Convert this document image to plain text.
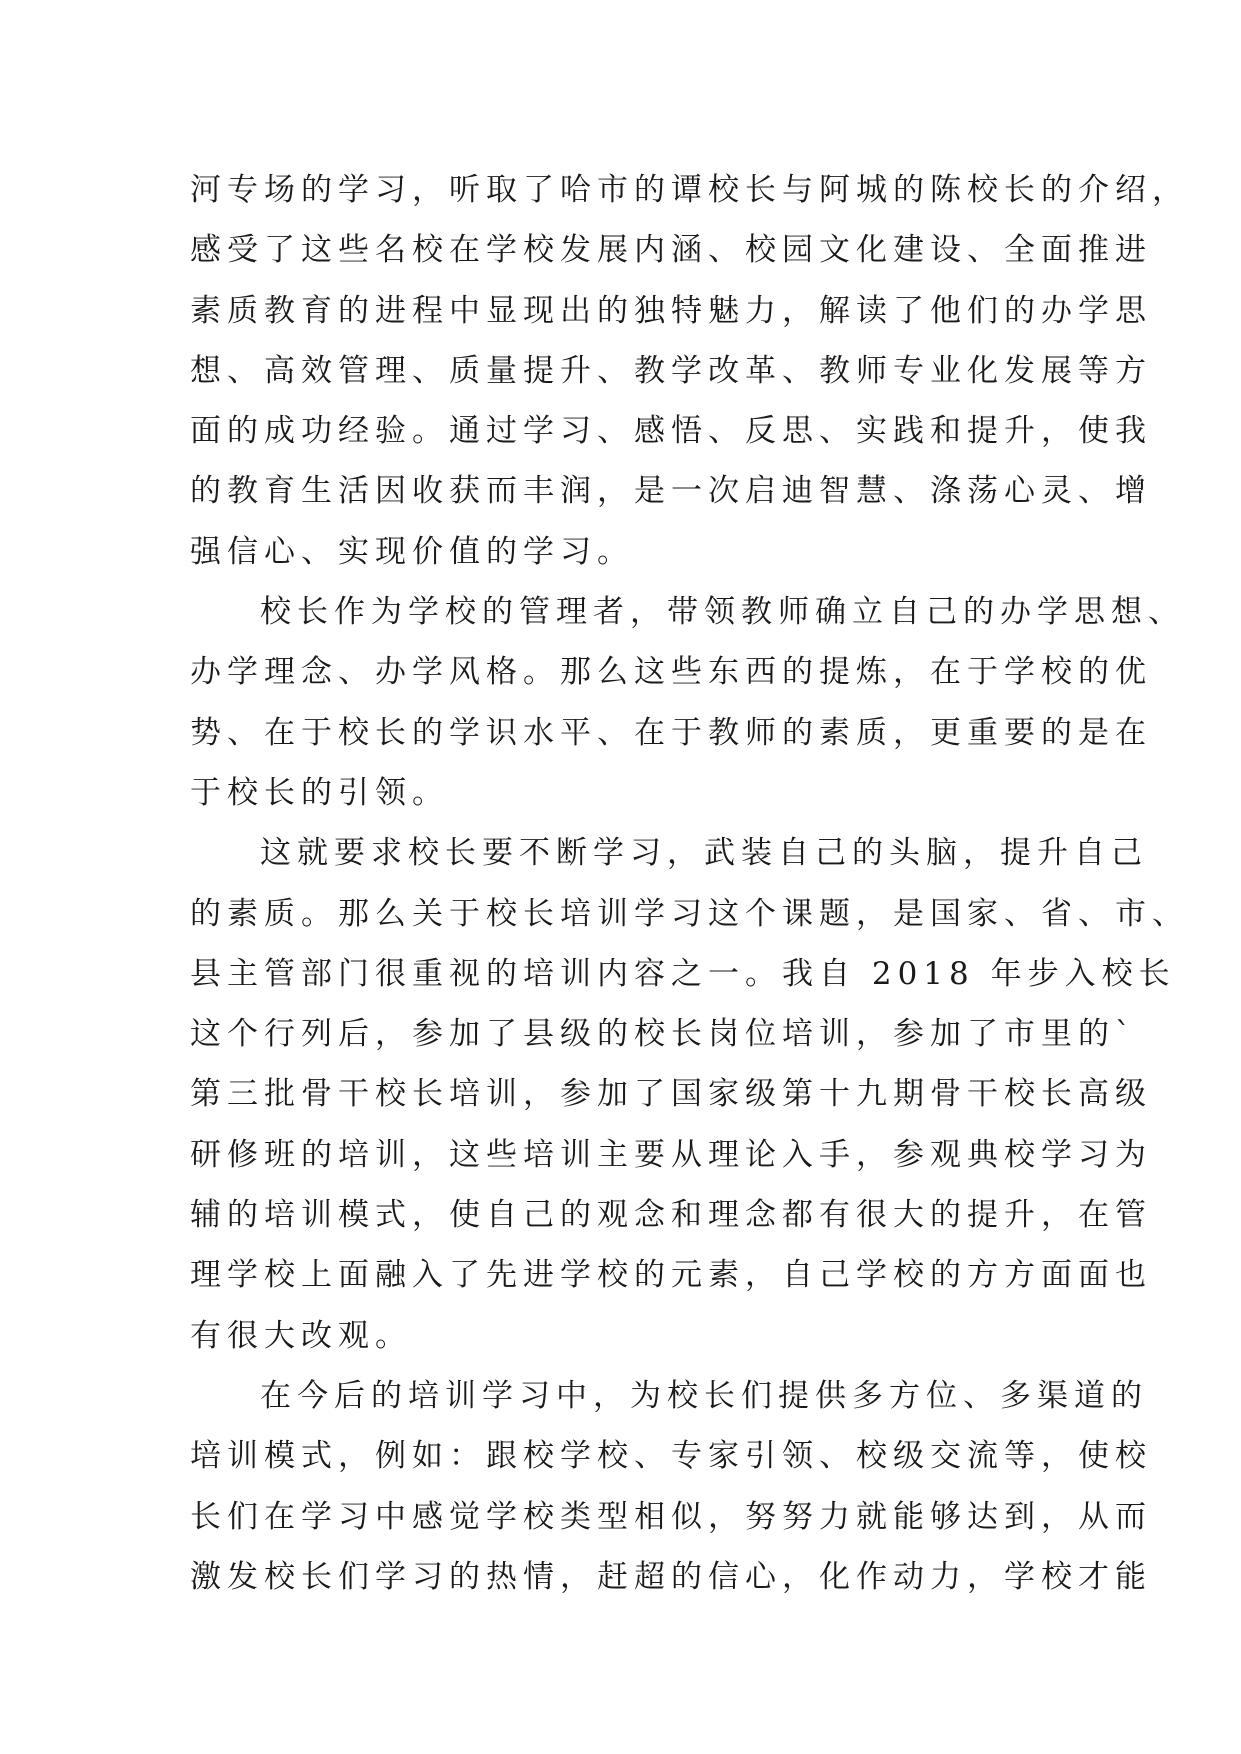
河专场的学习，听取了哈市的谭校长与阿城的陈校长的介绍，
感受了这些名校在学校发展内涵、校园文化建设、全面推进
素质教育的进程中显现出的独特魅力，解读了他们的办学思
想、高效管理、质量提升、教学改革、教师专业化发展等方
面的成功经验。通过学习、感悟、反思、实践和提升，使我
的教育生活因收获而丰润，是一次启迪智慧、涤荡心灵、增
强信心、实现价值的学习。
校长作为学校的管理者，带领教师确立自己的办学思想、
办学理念、办学风格。那么这些东西的提炼，在于学校的优
势、在于校长的学识水平、在于教师的素质，更重要的是在
于校长的引领。
这就要求校长要不断学习，武装自己的头脑，提升自己
的素质。那么关于校长培训学习这个课题，是国家、省、市、
县主管部门很重视的培训内容之一。我自 2018 年步入校长
这个行列后，参加了县级的校长岗位培训，参加了市里的`
第三批骨干校长培训，参加了国家级第十九期骨干校长高级
研修班的培训，这些培训主要从理论入手，参观典校学习为
辅的培训模式，使自己的观念和理念都有很大的提升，在管
理学校上面融入了先进学校的元素，自己学校的方方面面也
有很大改观。
在今后的培训学习中，为校长们提供多方位、多渠道的
培训模式，例如：跟校学校、专家引领、校级交流等，使校
长们在学习中感觉学校类型相似，努努力就能够达到，从而
激发校长们学习的热情，赶超的信心，化作动力，学校才能
